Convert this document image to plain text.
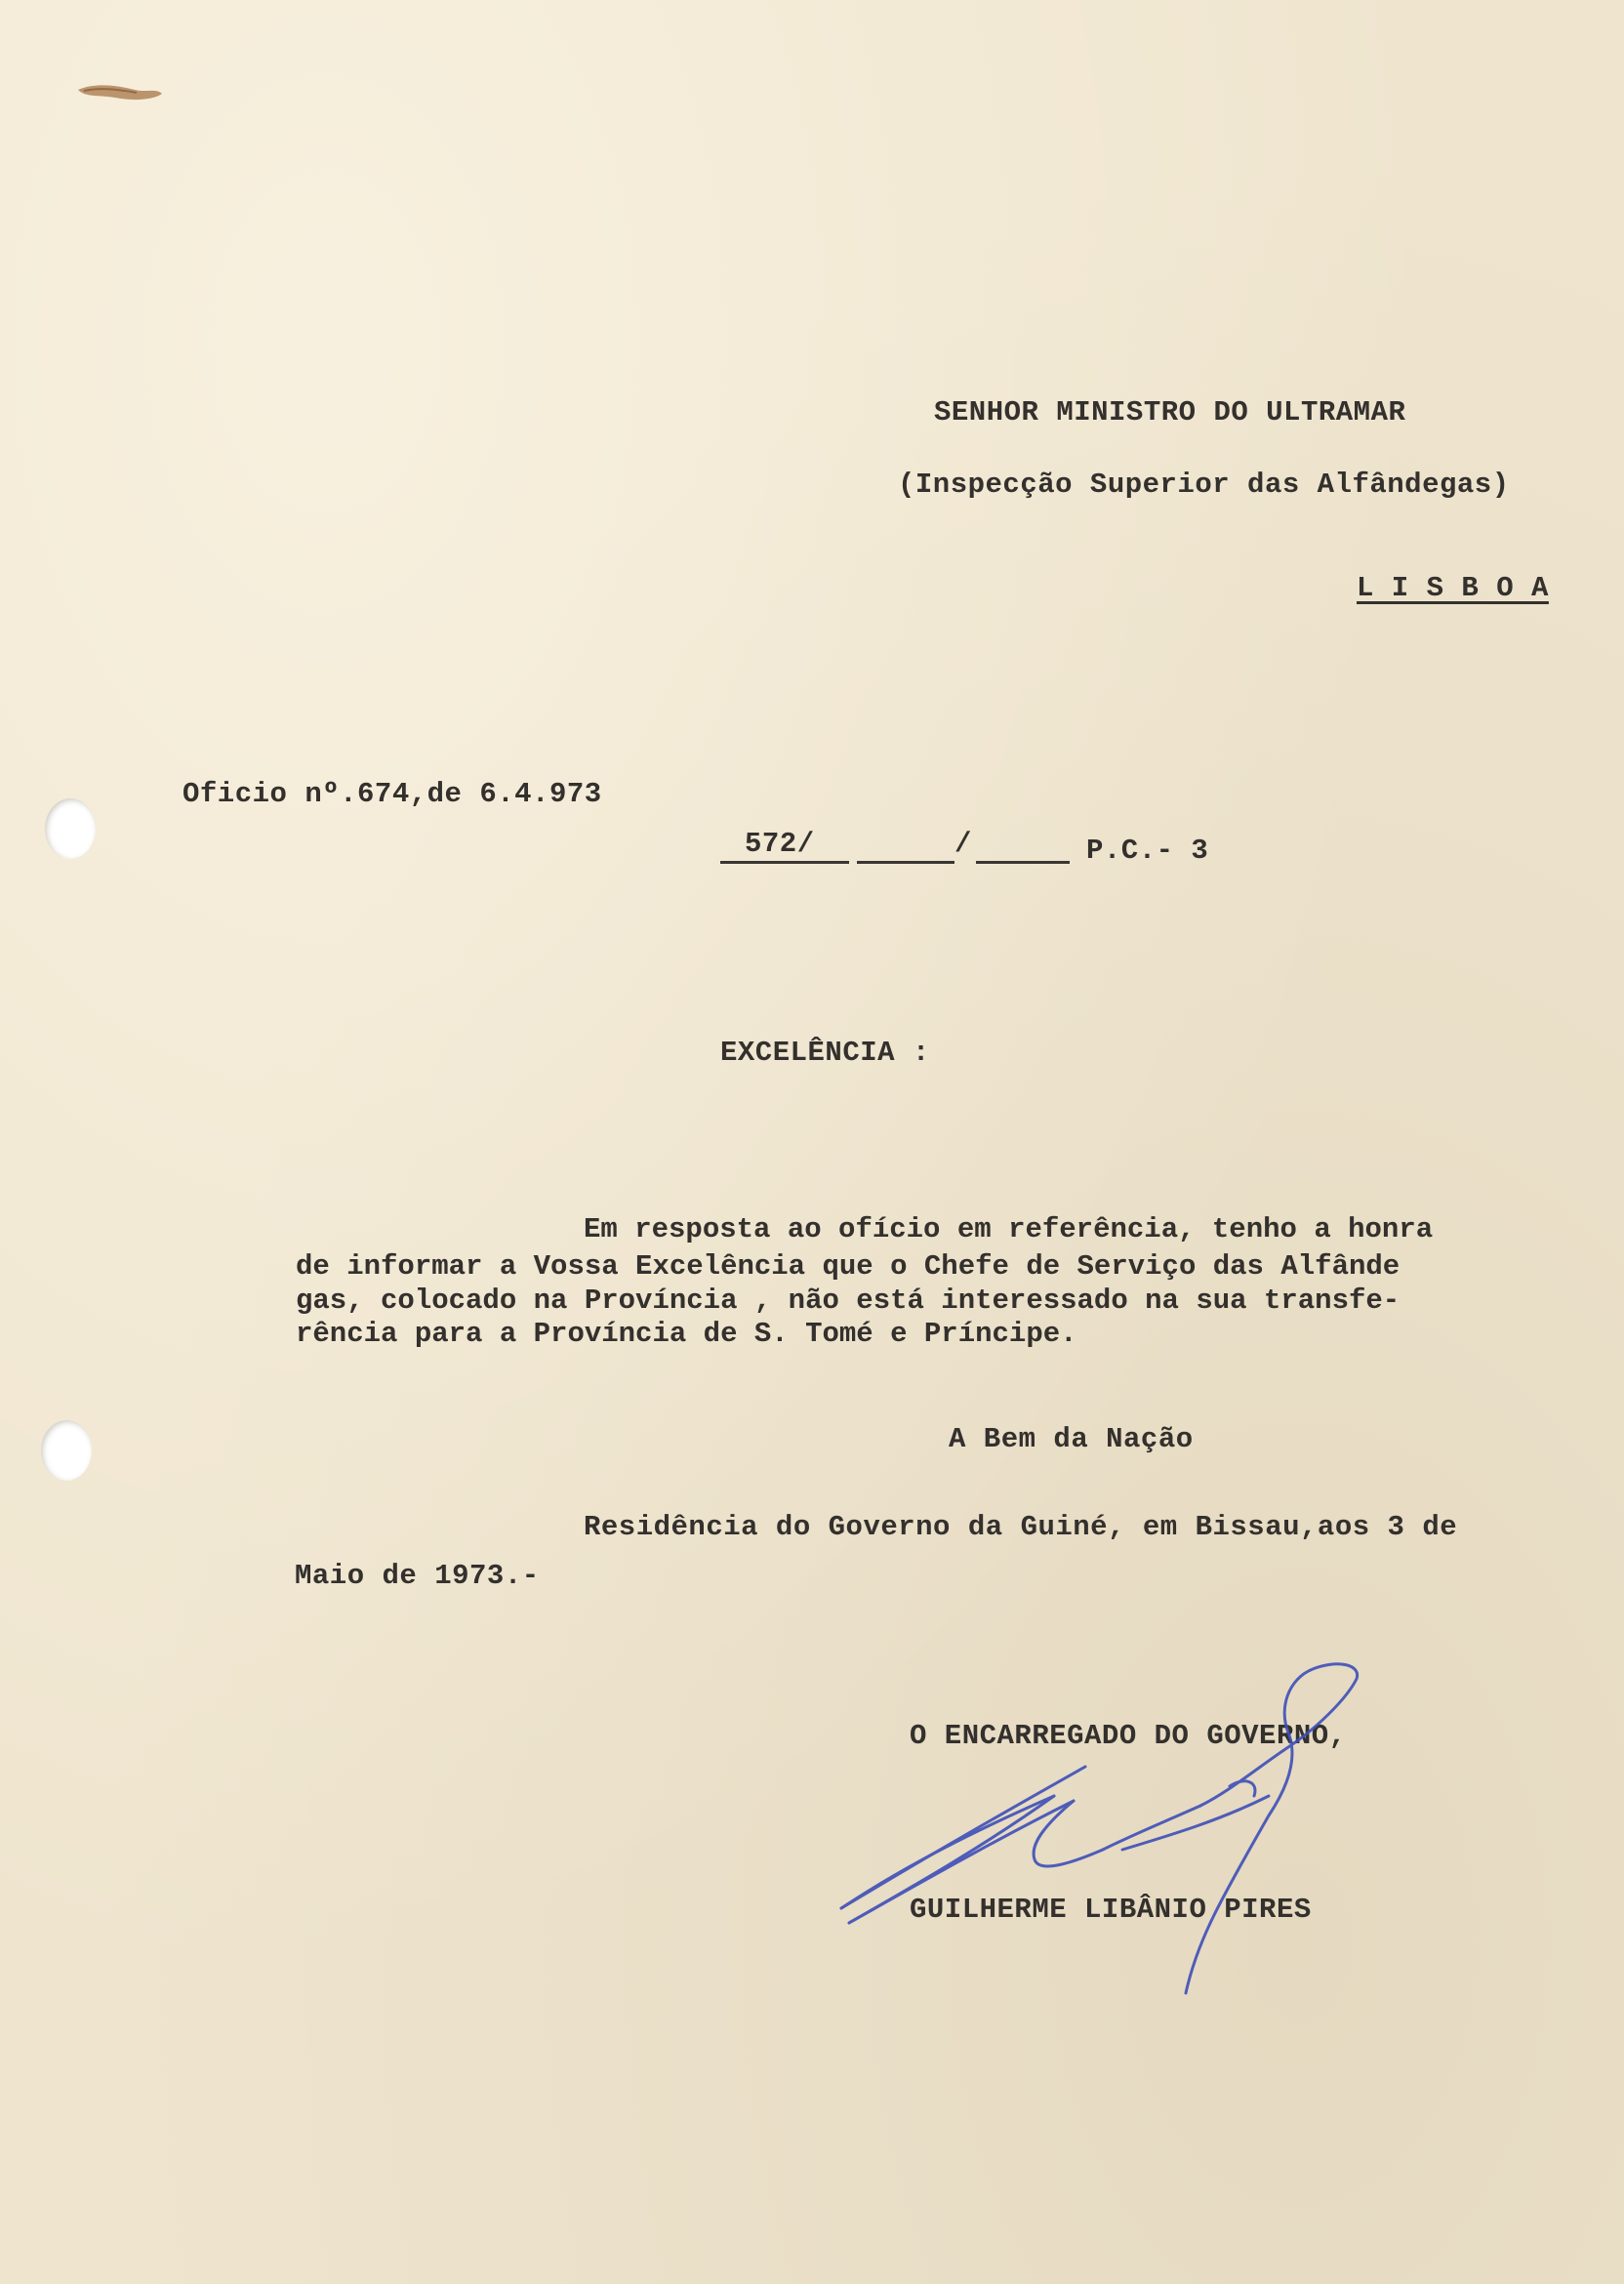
SENHOR MINISTRO DO ULTRAMAR
(Inspecção Superior das Alfândegas)
L I S B O A
Oficio nº.674,de 6.4.973
572/	/	P.C.- 3
EXCELÊNCIA :
Em resposta ao ofício em referência, tenho a honra
de informar a Vossa Excelência que o Chefe de Serviço das Alfânde
gas, colocado na Província , não está interessado na sua transfe-
rência para a Província de S. Tomé e Príncipe.
A Bem da Nação
Residência do Governo da Guiné, em Bissau,aos 3 de
Maio de 1973.-
O ENCARREGADO DO GOVERNO,
GUILHERME LIBÂNIO PIRES
